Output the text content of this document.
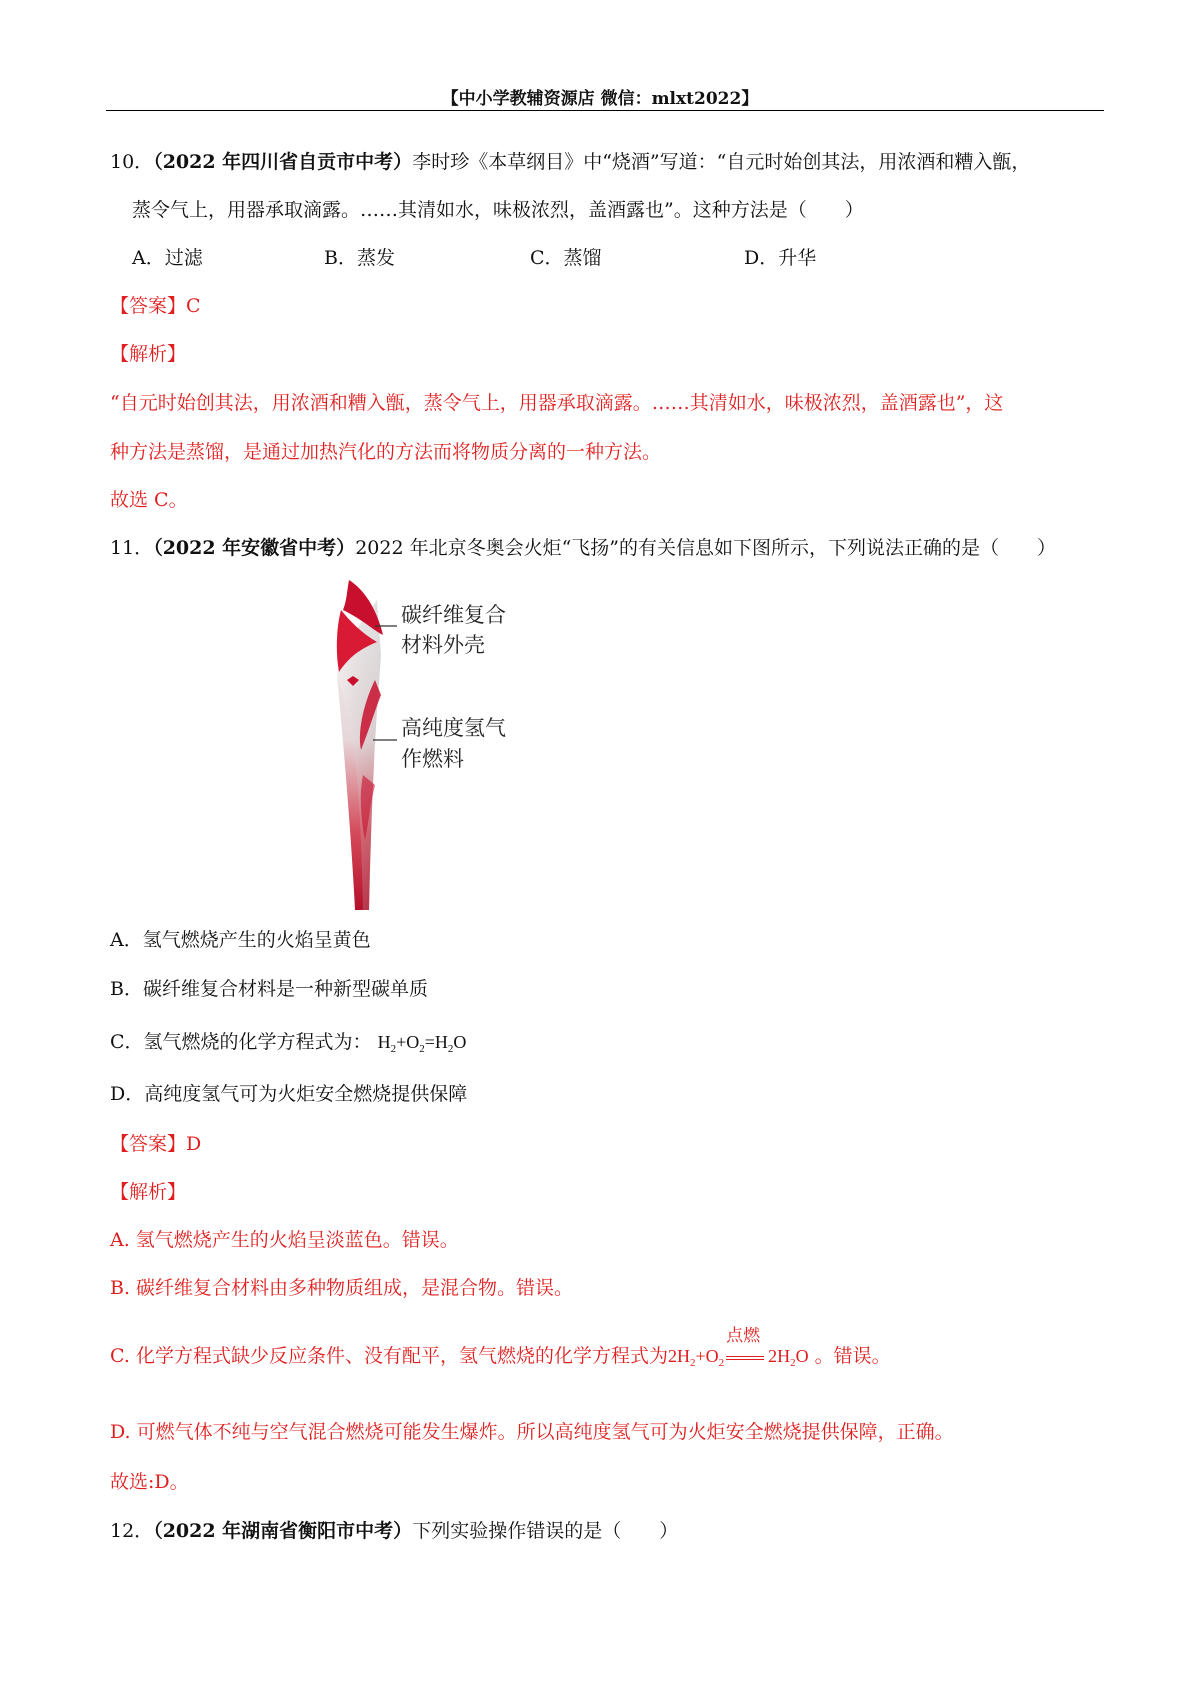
【中小学教辅资源店 微信：mlxt2022】
10．（2022 年四川省自贡市中考）李时珍《本草纲目》中“烧酒”写道：“自元时始创其法，用浓酒和糟入甑，
蒸令气上，用器承取滴露。……其清如水，味极浓烈，盖酒露也”。这种方法是（　　）
A．过滤	B．蒸发	C．蒸馏	D．升华
【答案】C
【解析】
“自元时始创其法，用浓酒和糟入甑，蒸令气上，用器承取滴露。……其清如水，味极浓烈，盖酒露也”，这
种方法是蒸馏，是通过加热汽化的方法而将物质分离的一种方法。
故选 C。
11．（2022 年安徽省中考）2022 年北京冬奥会火炬“飞扬”的有关信息如下图所示，下列说法正确的是（　　）
碳纤维复合
材料外壳
高纯度氢气
作燃料
A．氢气燃烧产生的火焰呈黄色
B．碳纤维复合材料是一种新型碳单质
C．氢气燃烧的化学方程式为： $H_2+O_2=H_2O$
D．高纯度氢气可为火炬安全燃烧提供保障
【答案】D
【解析】
A. 氢气燃烧产生的火焰呈淡蓝色。错误。
B. 碳纤维复合材料由多种物质组成，是混合物。错误。
C. 化学方程式缺少反应条件、没有配平，氢气燃烧的化学方程式为$2H_2+O_2$
点燃
$2H_2O$ 。错误。
D. 可燃气体不纯与空气混合燃烧可能发生爆炸。所以高纯度氢气可为火炬安全燃烧提供保障，正确。
故选:D。
12．（2022 年湖南省衡阳市中考）下列实验操作错误的是（　　）
